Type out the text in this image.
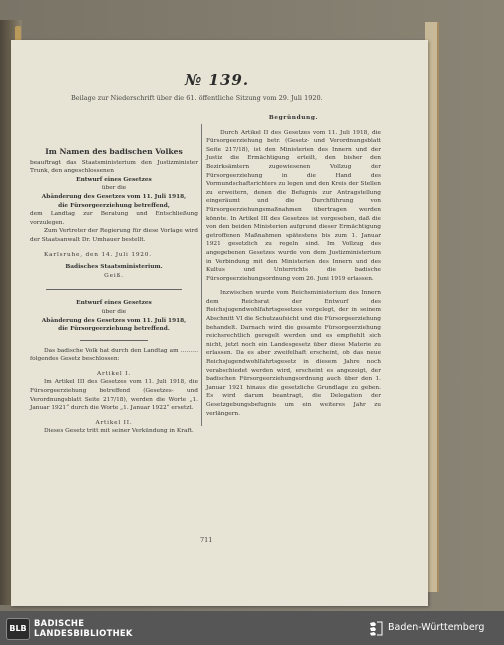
№ 139.
Beilage zur Niederschrift über die 61. öffentliche Sitzung vom 29. Juli 1920.
Im Namen des badischen Volkes
beauftragt das Staatsministerium den Justizminister Trunk, den angeschlossenen
Entwurf eines Gesetzes
über die
Abänderung des Gesetzes vom 11. Juli 1918,
die Fürsorgeerziehung betreffend,
dem Landtag zur Beratung und Entschließung vorzulegen.
Zum Vertreter der Regierung für diese Vorlage wird der Staatsanwalt Dr. Umhauer bestellt.
Karlsruhe, den 14. Juli 1920.
Badisches Staatsministerium.
Geiß.
Entwurf eines Gesetzes
über die
Abänderung des Gesetzes vom 11. Juli 1918,
die Fürsorgeerziehung betreffend.
Das badische Volk hat durch den Landtag am ……… folgendes Gesetz beschlossen:
Artikel I.
Im Artikel III des Gesetzes vom 11. Juli 1918, die Fürsorgeerziehung betreffend (Gesetzes- und Verordnungsblatt Seite 217/18), werden die Worte „1. Januar 1921“ durch die Worte „1. Januar 1922“ ersetzt.
Artikel II.
Dieses Gesetz tritt mit seiner Verkündung in Kraft.
Begründung.
Durch Artikel II des Gesetzes vom 11. Juli 1918, die Fürsorgeerziehung betr. (Gesetz- und Verordnungsblatt Seite 217/18), ist den Ministerien des Innern und der Justiz die Ermächtigung erteilt, den bisher den Bezirksämtern zugewiesenen Vollzug der Fürsorgeerziehung in die Hand des Vormundschaftsrichters zu legen und den Kreis der Stellen zu erweitern, denen die Befugnis zur Antragstellung eingeräumt und die Durchführung von Fürsorgeerziehungsmaßnahmen übertragen werden könnte. In Artikel III des Gesetzes ist vorgesehen, daß die von den beiden Ministerien aufgrund dieser Ermächtigung getroffenen Maßnahmen spätestens bis zum 1. Januar 1921 gesetzlich zu regeln sind. Im Vollzug des angegebenen Gesetzes wurde von dem Justizministerium in Verbindung mit den Ministerien des Innern und des Kultus und Unterrichts die badische Fürsorgeerziehungsordnung vom 26. Juni 1919 erlassen.
Inzwischen wurde vom Reichsministerium des Innern dem Reichsrat der Entwurf des Reichsjugendwohlfahrtsgesetzes vorgelegt, der in seinem Abschnitt VI die Schutzaufsicht und die Fürsorgeerziehung behandelt. Darnach wird die gesamte Fürsorgeerziehung reichsrechtlich geregelt werden und es empfiehlt sich nicht, jetzt noch ein Landesgesetz über diese Materie zu erlassen. Da es aber zweifelhaft erscheint, ob das neue Reichsjugendwohlfahrtsgesetz in diesem Jahre noch verabschiedet werden wird, erscheint es angezeigt, der badischen Fürsorgeerziehungsordnung auch über den 1. Januar 1921 hinaus die gesetzliche Grundlage zu geben. Es wird darum beantragt, die Delegation der Gesetzgebungsbefugnis um ein weiteres Jahr zu verlängern.
711
BLB
BADISCHE
LANDESBIBLIOTHEK	Baden-Württemberg
